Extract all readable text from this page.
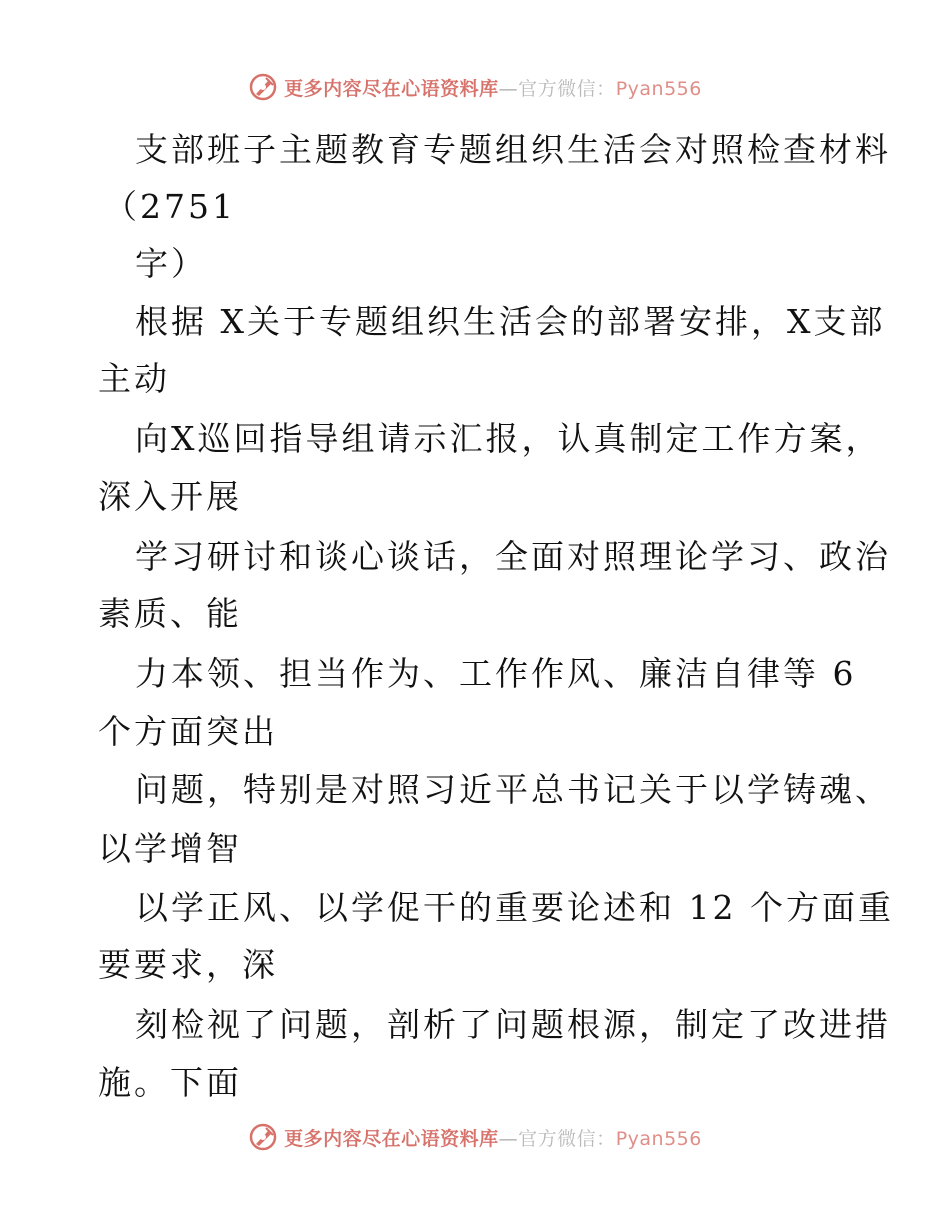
更多内容尽在心语资料库—官方微信：Pyan556
支部班子主题教育专题组织生活会对照检查材料
（2751
字）
根据 X关于专题组织生活会的部署安排，X支部
主动
向X巡回指导组请示汇报，认真制定工作方案，
深入开展
学习研讨和谈心谈话，全面对照理论学习、政治
素质、能
力本领、担当作为、工作作风、廉洁自律等 6
个方面突出
问题，特别是对照习近平总书记关于以学铸魂、
以学增智
以学正风、以学促干的重要论述和 12 个方面重
要要求，深
刻检视了问题，剖析了问题根源，制定了改进措
施。下面
更多内容尽在心语资料库—官方微信：Pyan556
